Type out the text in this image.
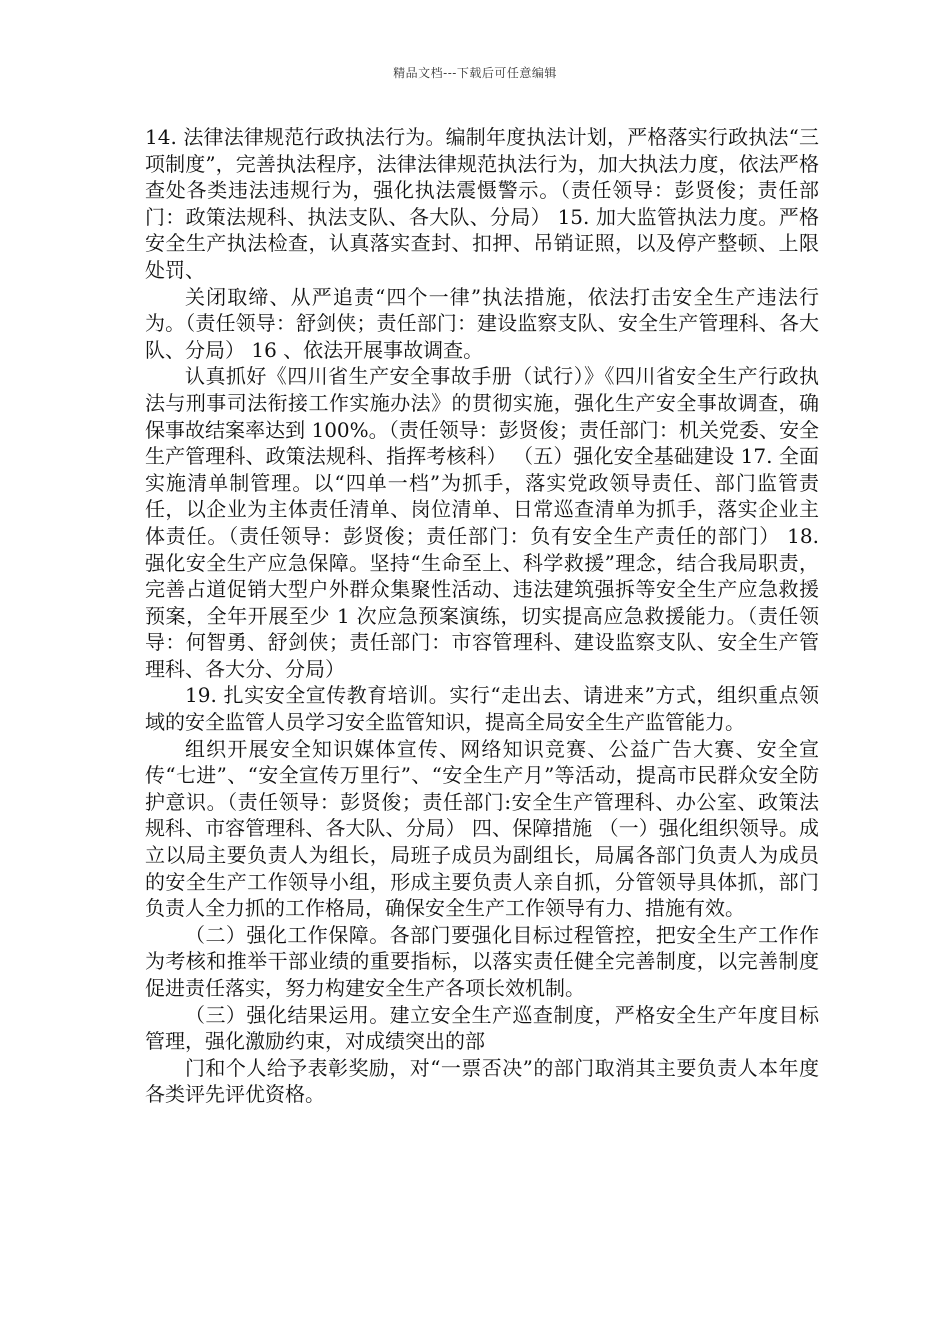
精品文档---下载后可任意编辑

14. 法律法律规范行政执法行为。编制年度执法计划，严格落实行政执法“三项制度”，完善执法程序，法律法律规范执法行为，加大执法力度，依法严格查处各类违法违规行为，强化执法震慑警示。（责任领导：彭贤俊；责任部门：政策法规科、执法支队、各大队、分局） 15. 加大监管执法力度。严格安全生产执法检查，认真落实查封、扣押、吊销证照，以及停产整顿、上限处罚、

关闭取缔、从严追责“四个一律”执法措施，依法打击安全生产违法行为。（责任领导：舒剑侠；责任部门：建设监察支队、安全生产管理科、各大队、分局） 16 、依法开展事故调查。

认真抓好《四川省生产安全事故手册（试行）》《四川省安全生产行政执法与刑事司法衔接工作实施办法》的贯彻实施，强化生产安全事故调查，确保事故结案率达到 100%。（责任领导：彭贤俊；责任部门：机关党委、安全生产管理科、政策法规科、指挥考核科） （五）强化安全基础建设 17. 全面实施清单制管理。以“四单一档”为抓手，落实党政领导责任、部门监管责任，以企业为主体责任清单、岗位清单、日常巡查清单为抓手，落实企业主体责任。（责任领导：彭贤俊；责任部门：负有安全生产责任的部门） 18. 强化安全生产应急保障。坚持“生命至上、科学救援”理念，结合我局职责，完善占道促销大型户外群众集聚性活动、违法建筑强拆等安全生产应急救援预案，全年开展至少 1 次应急预案演练，切实提高应急救援能力。（责任领导：何智勇、舒剑侠；责任部门：市容管理科、建设监察支队、安全生产管理科、各大分、分局）

19. 扎实安全宣传教育培训。实行“走出去、请进来”方式，组织重点领域的安全监管人员学习安全监管知识，提高全局安全生产监管能力。

组织开展安全知识媒体宣传、网络知识竞赛、公益广告大赛、安全宣传“七进”、“安全宣传万里行”、“安全生产月”等活动，提高市民群众安全防护意识。（责任领导：彭贤俊；责任部门:安全生产管理科、办公室、政策法规科、市容管理科、各大队、分局） 四、保障措施 （一）强化组织领导。成立以局主要负责人为组长，局班子成员为副组长，局属各部门负责人为成员的安全生产工作领导小组，形成主要负责人亲自抓，分管领导具体抓，部门负责人全力抓的工作格局，确保安全生产工作领导有力、措施有效。

（二）强化工作保障。各部门要强化目标过程管控，把安全生产工作作为考核和推举干部业绩的重要指标，以落实责任健全完善制度，以完善制度促进责任落实，努力构建安全生产各项长效机制。

（三）强化结果运用。建立安全生产巡查制度，严格安全生产年度目标管理，强化激励约束，对成绩突出的部

门和个人给予表彰奖励，对“一票否决”的部门取消其主要负责人本年度各类评先评优资格。
